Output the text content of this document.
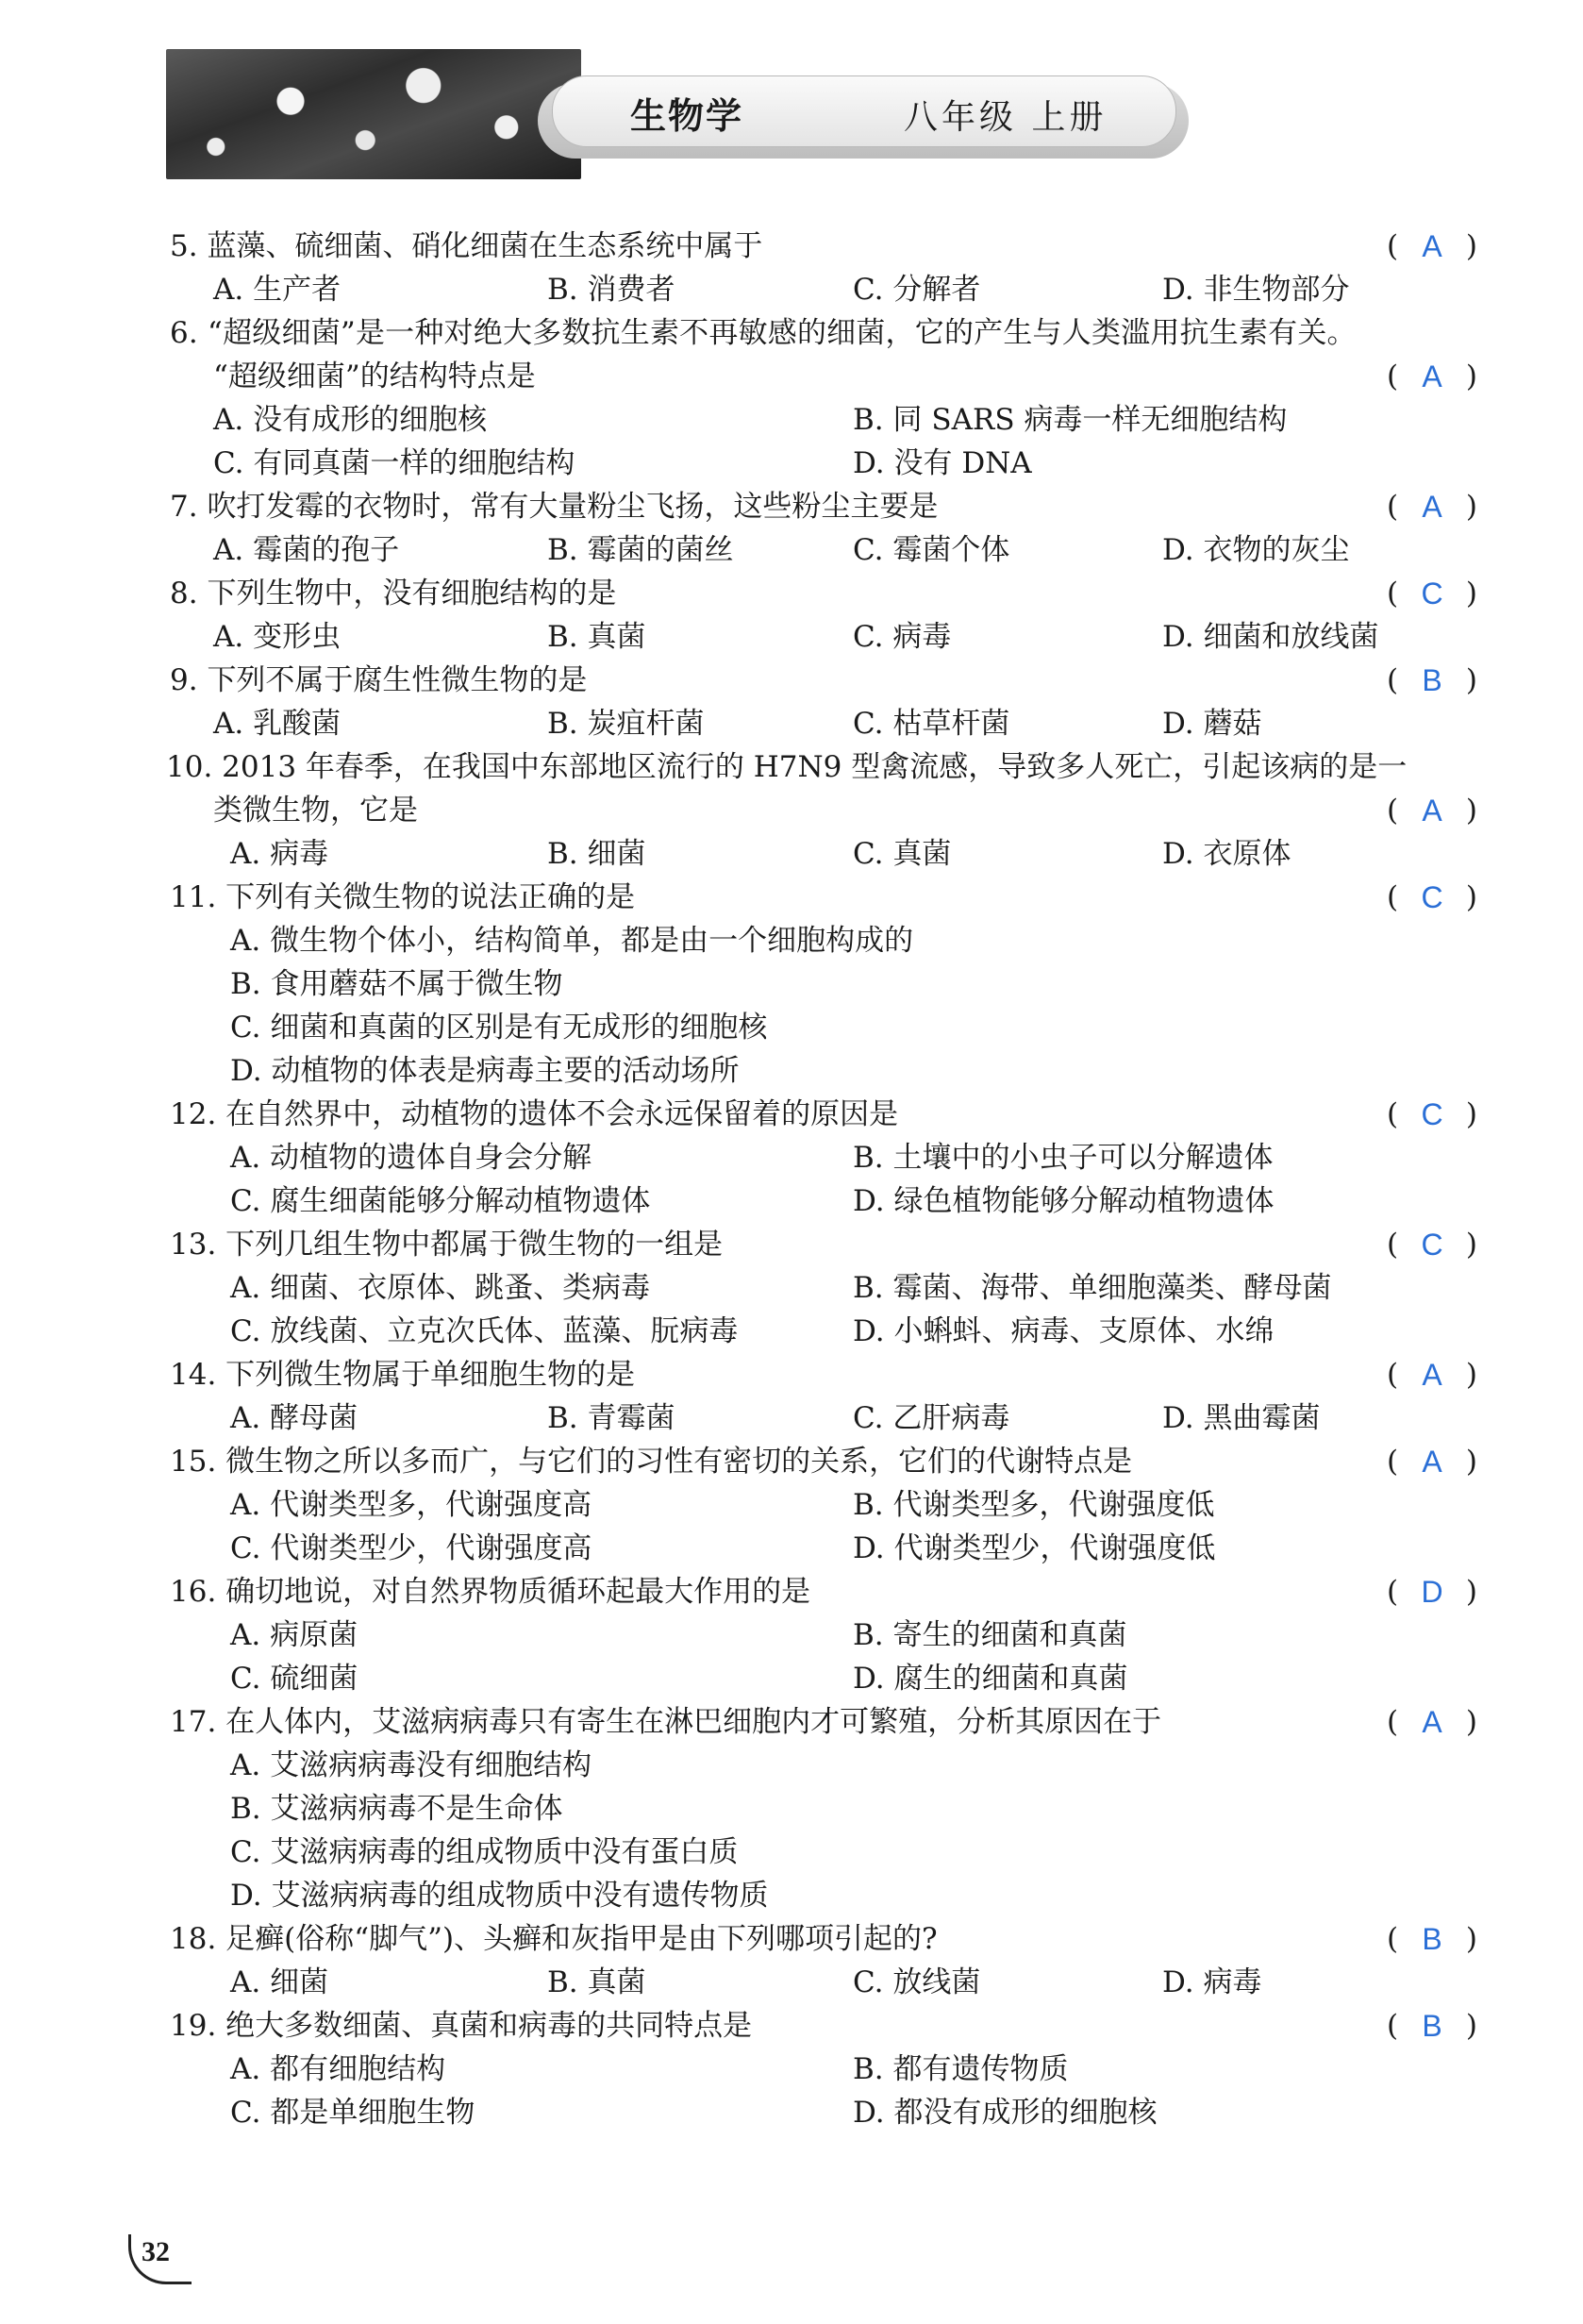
生物学	八年级 上册
5. 蓝藻、硫细菌、硝化细菌在生态系统中属于	( A )
A. 生产者	B. 消费者	C. 分解者	D. 非生物部分
6. “超级细菌”是一种对绝大多数抗生素不再敏感的细菌，它的产生与人类滥用抗生素有关。
“超级细菌”的结构特点是	( A )
A. 没有成形的细胞核	B. 同 SARS 病毒一样无细胞结构
C. 有同真菌一样的细胞结构	D. 没有 DNA
7. 吹打发霉的衣物时，常有大量粉尘飞扬，这些粉尘主要是	( A )
A. 霉菌的孢子	B. 霉菌的菌丝	C. 霉菌个体	D. 衣物的灰尘
8. 下列生物中，没有细胞结构的是	( C )
A. 变形虫	B. 真菌	C. 病毒	D. 细菌和放线菌
9. 下列不属于腐生性微生物的是	( B )
A. 乳酸菌	B. 炭疽杆菌	C. 枯草杆菌	D. 蘑菇
10. 2013 年春季，在我国中东部地区流行的 H7N9 型禽流感，导致多人死亡，引起该病的是一
类微生物，它是	( A )
A. 病毒	B. 细菌	C. 真菌	D. 衣原体
11. 下列有关微生物的说法正确的是	( C )
A. 微生物个体小，结构简单，都是由一个细胞构成的
B. 食用蘑菇不属于微生物
C. 细菌和真菌的区别是有无成形的细胞核
D. 动植物的体表是病毒主要的活动场所
12. 在自然界中，动植物的遗体不会永远保留着的原因是	( C )
A. 动植物的遗体自身会分解	B. 土壤中的小虫子可以分解遗体
C. 腐生细菌能够分解动植物遗体	D. 绿色植物能够分解动植物遗体
13. 下列几组生物中都属于微生物的一组是	( C )
A. 细菌、衣原体、跳蚤、类病毒	B. 霉菌、海带、单细胞藻类、酵母菌
C. 放线菌、立克次氏体、蓝藻、朊病毒	D. 小蝌蚪、病毒、支原体、水绵
14. 下列微生物属于单细胞生物的是	( A )
A. 酵母菌	B. 青霉菌	C. 乙肝病毒	D. 黑曲霉菌
15. 微生物之所以多而广，与它们的习性有密切的关系，它们的代谢特点是	( A )
A. 代谢类型多，代谢强度高	B. 代谢类型多，代谢强度低
C. 代谢类型少，代谢强度高	D. 代谢类型少，代谢强度低
16. 确切地说，对自然界物质循环起最大作用的是	( D )
A. 病原菌	B. 寄生的细菌和真菌
C. 硫细菌	D. 腐生的细菌和真菌
17. 在人体内，艾滋病病毒只有寄生在淋巴细胞内才可繁殖，分析其原因在于	( A )
A. 艾滋病病毒没有细胞结构
B. 艾滋病病毒不是生命体
C. 艾滋病病毒的组成物质中没有蛋白质
D. 艾滋病病毒的组成物质中没有遗传物质
18. 足癣(俗称“脚气”)、头癣和灰指甲是由下列哪项引起的?	( B )
A. 细菌	B. 真菌	C. 放线菌	D. 病毒
19. 绝大多数细菌、真菌和病毒的共同特点是	( B )
A. 都有细胞结构	B. 都有遗传物质
C. 都是单细胞生物	D. 都没有成形的细胞核
32
